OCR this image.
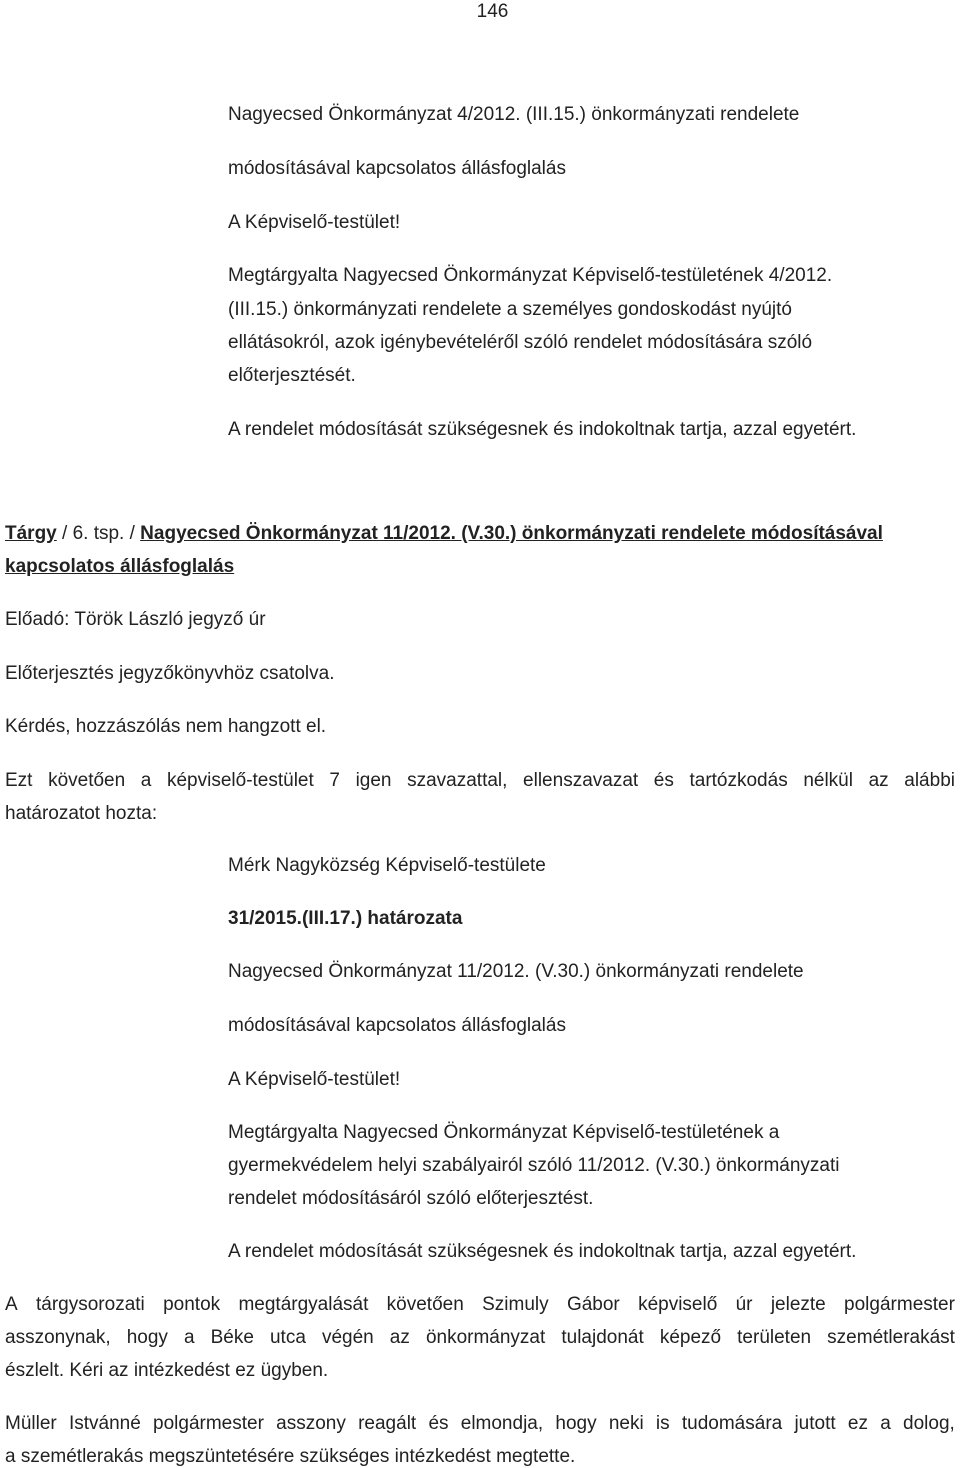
146
Nagyecsed Önkormányzat 4/2012. (III.15.) önkormányzati rendelete
módosításával kapcsolatos állásfoglalás
A Képviselő-testület!
Megtárgyalta Nagyecsed Önkormányzat Képviselő-testületének 4/2012.
(III.15.) önkormányzati rendelete a személyes gondoskodást nyújtó
ellátásokról, azok igénybevételéről szóló rendelet módosítására szóló
előterjesztését.
A rendelet módosítását szükségesnek és indokoltnak tartja, azzal egyetért.
Tárgy / 6. tsp. / Nagyecsed Önkormányzat 11/2012. (V.30.) önkormányzati rendelete módosításával
kapcsolatos állásfoglalás
Előadó: Török László jegyző úr
Előterjesztés jegyzőkönyvhöz csatolva.
Kérdés, hozzászólás nem hangzott el.
Ezt követően a képviselő-testület 7 igen szavazattal, ellenszavazat és tartózkodás nélkül az alábbi
határozatot hozta:
Mérk Nagyközség Képviselő-testülete
31/2015.(III.17.) határozata
Nagyecsed Önkormányzat 11/2012. (V.30.) önkormányzati rendelete
módosításával kapcsolatos állásfoglalás
A Képviselő-testület!
Megtárgyalta Nagyecsed Önkormányzat Képviselő-testületének a
gyermekvédelem helyi szabályairól szóló 11/2012. (V.30.) önkormányzati
rendelet módosításáról szóló előterjesztést.
A rendelet módosítását szükségesnek és indokoltnak tartja, azzal egyetért.
A tárgysorozati pontok megtárgyalását követően Szimuly Gábor képviselő úr jelezte polgármester
asszonynak, hogy a Béke utca végén az önkormányzat tulajdonát képező területen szemétlerakást
észlelt. Kéri az intézkedést ez ügyben.
Müller Istvánné polgármester asszony reagált és elmondja, hogy neki is tudomására jutott ez a dolog,
a szemétlerakás megszüntetésére szükséges intézkedést megtette.
